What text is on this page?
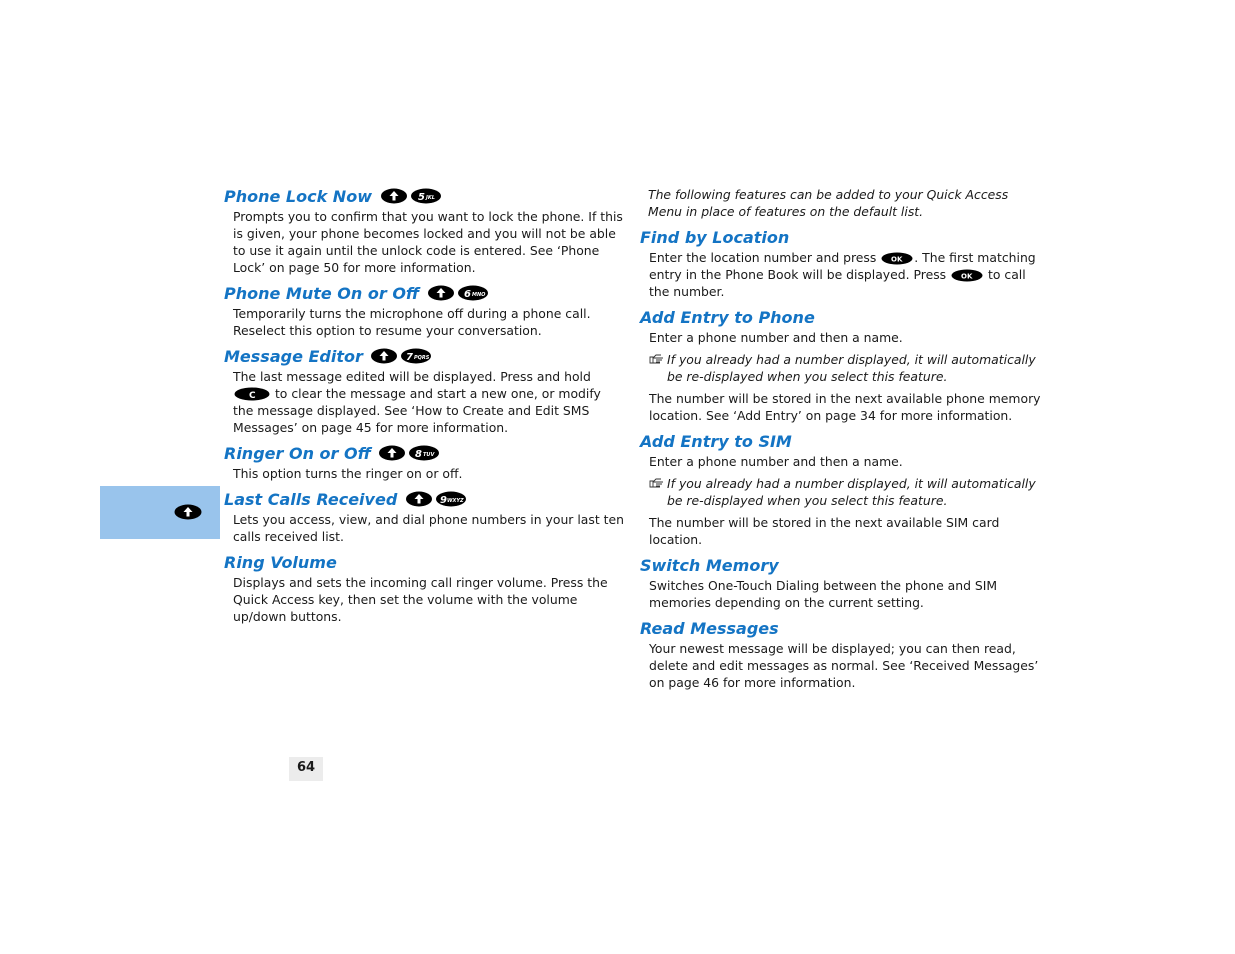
Phone Lock Now	5 JKL

Prompts you to confirm that you want to lock the phone. If this is given, your phone becomes locked and you will not be able to use it again until the unlock code is entered. See ‘Phone Lock’ on page 50 for more information.

Phone Mute On or Off	6 MNO

Temporarily turns the microphone off during a phone call. Reselect this option to resume your conversation.

Message Editor	7 PQRS

The last message edited will be displayed. Press and hold
C to clear the message and start a new one, or modify the message displayed. See ‘How to Create and Edit SMS Messages’ on page 45 for more information.

Ringer On or Off	8 TUV

This option turns the ringer on or off.

Last Calls Received	9 WXYZ

Lets you access, view, and dial phone numbers in your last ten calls received list.

Ring Volume

Displays and sets the incoming call ringer volume. Press the Quick Access key, then set the volume with the volume up/down buttons.

The following features can be added to your Quick Access Menu in place of features on the default list.

Find by Location

Enter the location number and press OK . The first matching entry in the Phone Book will be displayed. Press OK to call the number.

Add Entry to Phone

Enter a phone number and then a name.

If you already had a number displayed, it will automatically be re-displayed when you select this feature.

The number will be stored in the next available phone memory location. See ‘Add Entry’ on page 34 for more information.

Add Entry to SIM

Enter a phone number and then a name.

If you already had a number displayed, it will automatically be re-displayed when you select this feature.

The number will be stored in the next available SIM card location.

Switch Memory

Switches One-Touch Dialing between the phone and SIM memories depending on the current setting.

Read Messages

Your newest message will be displayed; you can then read, delete and edit messages as normal. See ‘Received Messages’ on page 46 for more information.

64
